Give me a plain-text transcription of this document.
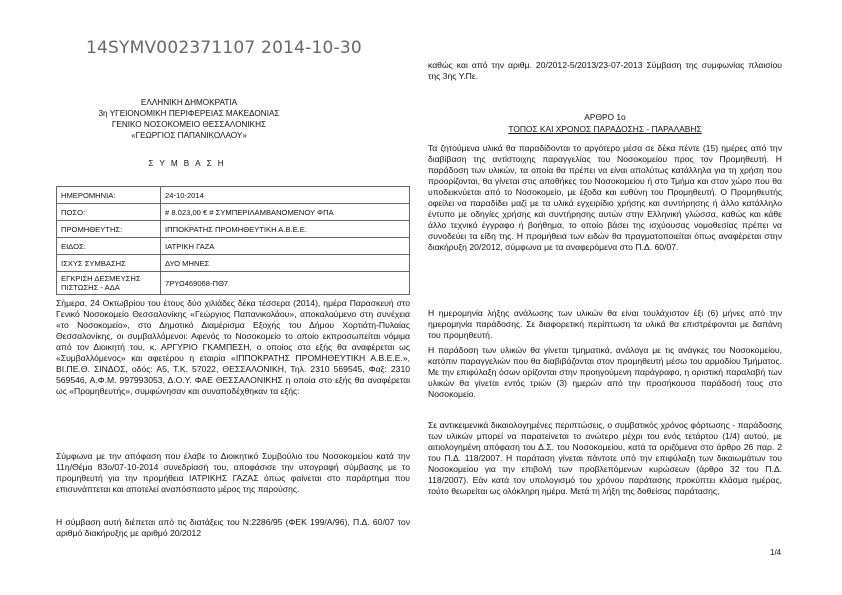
14SYMV002371107 2014-10-30
ΕΛΛΗΝΙΚΗ ΔΗΜΟΚΡΑΤΙΑ
3η ΥΓΕΙΟΝΟΜΙΚΗ ΠΕΡΙΦΕΡΕΙΑΣ ΜΑΚΕΔΟΝΙΑΣ
ΓΕΝΙΚΟ ΝΟΣΟΚΟΜΕΙΟ ΘΕΣΣΑΛΟΝΙΚΗΣ
«ΓΕΩΡΓΙΟΣ ΠΑΠΑΝΙΚΟΛΑΟΥ»
ΣΥΜΒΑΣΗ
ΗΜΕΡΟΜΗΝΙΑ:	24-10-2014
ΠΟΣΟ:	# 8.023,00 € # ΣΥΜΠΕΡΙΛΑΜΒΑΝΟΜΕΝΟΥ ΦΠΑ
ΠΡΟΜΗΘΕΥΤΗΣ:	ΙΠΠΟΚΡΑΤΗΣ ΠΡΟΜΗΘΕΥΤΙΚΗ Α.Β.Ε.Ε.
ΕΙΔΟΣ:	ΙΑΤΡΙΚΗ ΓΑΖΑ
ΙΣΧΥΣ ΣΥΜΒΑΣΗΣ	ΔΥΟ ΜΗΝΕΣ
ΕΓΚΡΙΣΗ ΔΕΣΜΕΥΣΗΣ ΠΙΣΤΩΣΗΣ - ΑΔΑ	7ΡΥΩ469068-ΠΘ7

Σήμερα, 24 Οκτωβρίου του έτους δύο χιλιάδες δέκα τέσσερα (2014), ημέρα Παρασκευή στο Γενικό Νοσοκομείο Θεσσαλονίκης «Γεώργιος Παπανικολάου», αποκαλούμενο στη συνέχεια «το Νοσοκομείο», στο Δημοτικό Διαμέρισμα Εξοχής του Δήμου Χορτιάτη-Πυλαίας Θεσσαλονίκης, οι συμβαλλόμενοι: Αφενός το Νοσοκομείο το οποίο εκπροσωπείται νόμιμα από τον Διοικητή του, κ. ΑΡΓΥΡΙΟ ΓΚΑΜΠΕΣΗ, ο οποίος στο εξής θα αναφέρεται ως «Συμβαλλόμενος» και αφετέρου η εταιρία «ΙΠΠΟΚΡΑΤΗΣ ΠΡΟΜΗΘΕΥΤΙΚΗ Α.Β.Ε.Ε.», ΒΙ.ΠΕ.Θ. ΣΙΝΔΟΣ, οδός: Α5, Τ.Κ. 57022, ΘΕΣΣΑΛΟΝΙΚΗ, Τηλ. 2310 569545, Φαξ: 2310 569546, Α.Φ.Μ. 997993053, Δ.Ο.Υ. ΦΑΕ ΘΕΣΣΑΛΟΝΙΚΗΣ η οποία στο εξής θα αναφέρεται ως «Προμηθευτής», συμφώνησαν και συναποδέχθηκαν τα εξής:

Σύμφωνα με την απόφαση που έλαβε το Διοικητικό Συμβούλιο του Νοσοκομείου κατά την 11η/Θέμα 83ο/07-10-2014 συνεδρίασή του, αποφάσισε την υπογραφή σύμβασης με το προμηθευτή για την προμήθεια ΙΑΤΡΙΚΗΣ ΓΑΖΑΣ όπως φαίνεται στο παράρτημα που επισυνάπτεται και αποτελεί αναπόσπαστο μέρος της παρούσης.

Η σύμβαση αυτή διέπεται από τις διατάξεις του Ν:2286/95 (ΦΕΚ 199/Α/96), Π.Δ. 60/07 τον αριθμό διακήρυξης με αριθμό 20/2012

καθώς και από την αριθμ. 20/2012-5/2013/23-07-2013 Σύμβαση της συμφωνίας πλαισίου της 3ης Υ.Πε.

ΑΡΘΡΟ 1ο
ΤΟΠΟΣ ΚΑΙ ΧΡΟΝΟΣ ΠΑΡΑΔΟΣΗΣ - ΠΑΡΑΛΑΒΗΣ

Τα ζητούμενα υλικά θα παραδίδονται το αργότερο μέσα σε δέκα πέντε (15) ημέρες από την διαβίβαση της αντίστοιχης παραγγελίας του Νοσοκομείου προς τον Προμηθευτή. Η παράδοση των υλικών, τα οποία θα πρέπει να είναι απολύτως κατάλληλα για τη χρήση που προορίζονται, θα γίνεται στις αποθήκες του Νοσοκομείου ή στο Τμήμα και στον χώρο που θα υποδεικνύεται από το Νοσοκομείο, με έξοδα και ευθύνη του Προμηθευτή. Ο Προμηθευτής οφείλει να παραδίδει μαζί με τα υλικά εγχειρίδιο χρήσης και συντήρησης ή άλλο κατάλληλο έντυπο με οδηγίες χρήσης και συντήρησης αυτών στην Ελληνική γλώσσα, καθώς και κάθε άλλο τεχνικό έγγραφο ή βοήθημα, το οποίο βάσει της ισχύουσας νομοθεσίας πρέπει να συνοδεύει τα είδη της. Η προμήθεια των ειδών θα πραγματοποιείται όπως αναφέρεται στην διακήρυξη 20/2012, σύμφωνα με τα αναφερόμενα στο Π.Δ. 60/07.

Η ημερομηνία λήξης ανάλωσης των υλικών θα είναι τουλάχιστον έξι (6) μήνες από την ημερομηνία παράδοσης. Σε διαφορετική περίπτωση τα υλικά θα επιστρέφονται με δαπάνη του προμηθευτή.

Η παράδοση των υλικών θα γίνεται τμηματικά, ανάλογα με τις ανάγκες του Νοσοκομείου, κατόπιν παραγγελιών που θα διαβιβάζονται στον προμηθευτή μέσω του αρμοδίου Τμήματος. Με την επιφύλαξη όσων ορίζονται στην προηγούμενη παράγραφο, η οριστική παραλαβή των υλικών θα γίνεται εντός τριών (3) ημερών από την προσήκουσα παράδοσή τους στο Νοσοκομείο.

Σε αντικειμενικά δικαιολογημένες περιπτώσεις, ο συμβατικός χρόνος φόρτωσης - παράδοσης των υλικών μπορεί να παρατείνεται το ανώτερο μέχρι του ενός τετάρτου (1/4) αυτού, με αιτιολογημένη απόφαση του Δ.Σ. του Νοσοκομείου, κατά τα οριζόμενα στο άρθρο 26 παρ. 2 του Π.Δ. 118/2007. Η παράταση γίνεται πάντοτε υπό την επιφύλαξη των δικαιωμάτων του Νοσοκομείου για την επιβολή των προβλεπόμενων κυρώσεων (άρθρο 32 του Π.Δ. 118/2007). Εάν κατά τον υπολογισμό του χρόνου παράτασης προκύπτει κλάσμα ημέρας, τούτο θεωρείται ως ολόκληρη ημέρα. Μετά τη λήξη της δοθείσας παράτασης,

1/4
